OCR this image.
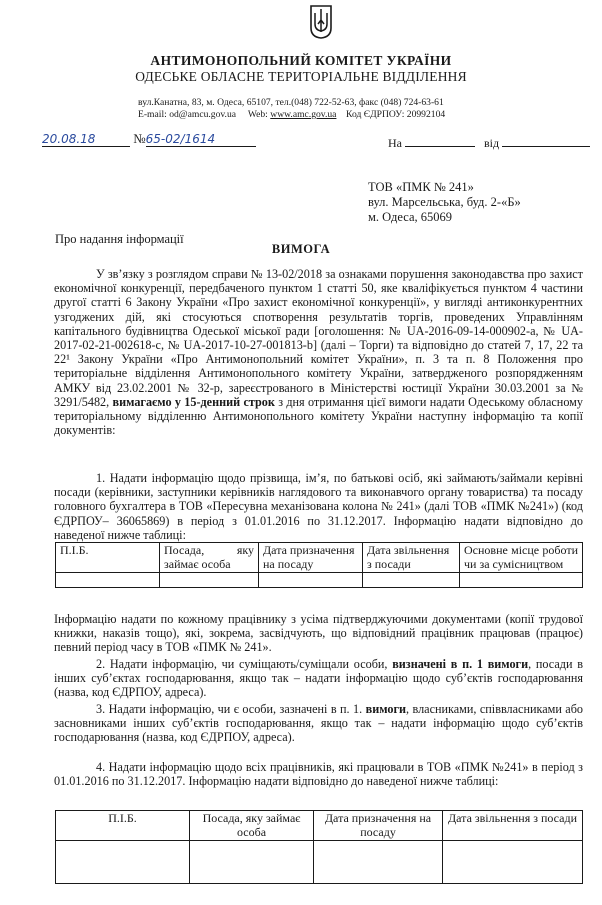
АНТИМОНОПОЛЬНИЙ КОМІТЕТ УКРАЇНИ
ОДЕСЬКЕ ОБЛАСНЕ ТЕРИТОРІАЛЬНЕ ВІДДІЛЕННЯ
вул.Канатна, 83, м. Одеса, 65107, тел.(048) 722-52-63, факс (048) 724-63-61
E-mail: od@amcu.gov.ua Web: www.amc.gov.ua Код ЄДРПОУ: 20992104
20.08.18	№65-02/1614	На	від
ТОВ «ПМК № 241»
вул. Марсельська, буд. 2-«Б»
м. Одеса, 65069
Про надання інформації
ВИМОГА

У зв’язку з розглядом справи № 13-02/2018 за ознаками порушення законодавства про захист економічної конкуренції, передбаченого пунктом 1 статті 50, яке кваліфікується пунктом 4 частини другої статті 6 Закону України «Про захист економічної конкуренції», у вигляді антиконкурентних узгоджених дій, які стосуються спотворення результатів торгів, проведених Управлінням капітального будівництва Одеської міської ради [оголошення: № UA-2016-09-14-000902-а, № UA-2017-02-21-002618-с, № UA-2017-10-27-001813-b] (далі – Торги) та відповідно до статей 7, 17, 22 та 22¹ Закону України «Про Антимонопольний комітет України», п. 3 та п. 8 Положення про територіальне відділення Антимонопольного комітету України, затвердженого розпорядженням АМКУ від 23.02.2001 № 32-р, зареєстрованого в Міністерстві юстиції України 30.03.2001 за № 3291/5482, вимагаємо у 15-денний строк з дня отримання цієї вимоги надати Одеському обласному територіальному відділенню Антимонопольного комітету України наступну інформацію та копії документів:

1. Надати інформацію щодо прізвища, ім’я, по батькові осіб, які займають/займали керівні посади (керівники, заступники керівників наглядового та виконавчого органу товариства) та посаду головного бухгалтера в ТОВ «Пересувна механізована колона № 241» (далі ТОВ «ПМК №241») (код ЄДРПОУ– 36065869) в період з 01.01.2016 по 31.12.2017. Інформацію надати відповідно до наведеної нижче таблиці:

П.І.Б.	Посада, яку займає особа	Дата призначення на посаду	Дата звільнення з посади	Основне місце роботи чи за сумісництвом

Інформацію надати по кожному працівнику з усіма підтверджуючими документами (копії трудової книжки, наказів тощо), які, зокрема, засвідчують, що відповідний працівник працював (працює) певний період часу в ТОВ «ПМК № 241».

2. Надати інформацію, чи суміщають/суміщали особи, визначені в п. 1 вимоги, посади в інших суб’єктах господарювання, якщо так – надати інформацію щодо суб’єктів господарювання (назва, код ЄДРПОУ, адреса).

3. Надати інформацію, чи є особи, зазначені в п. 1. вимоги, власниками, співвласниками або засновниками інших суб’єктів господарювання, якщо так – надати інформацію щодо суб’єктів господарювання (назва, код ЄДРПОУ, адреса).

4. Надати інформацію щодо всіх працівників, які працювали в ТОВ «ПМК №241» в період з 01.01.2016 по 31.12.2017. Інформацію надати відповідно до наведеної нижче таблиці:

П.І.Б.	Посада, яку займає особа	Дата призначення на посаду	Дата звільнення з посади
